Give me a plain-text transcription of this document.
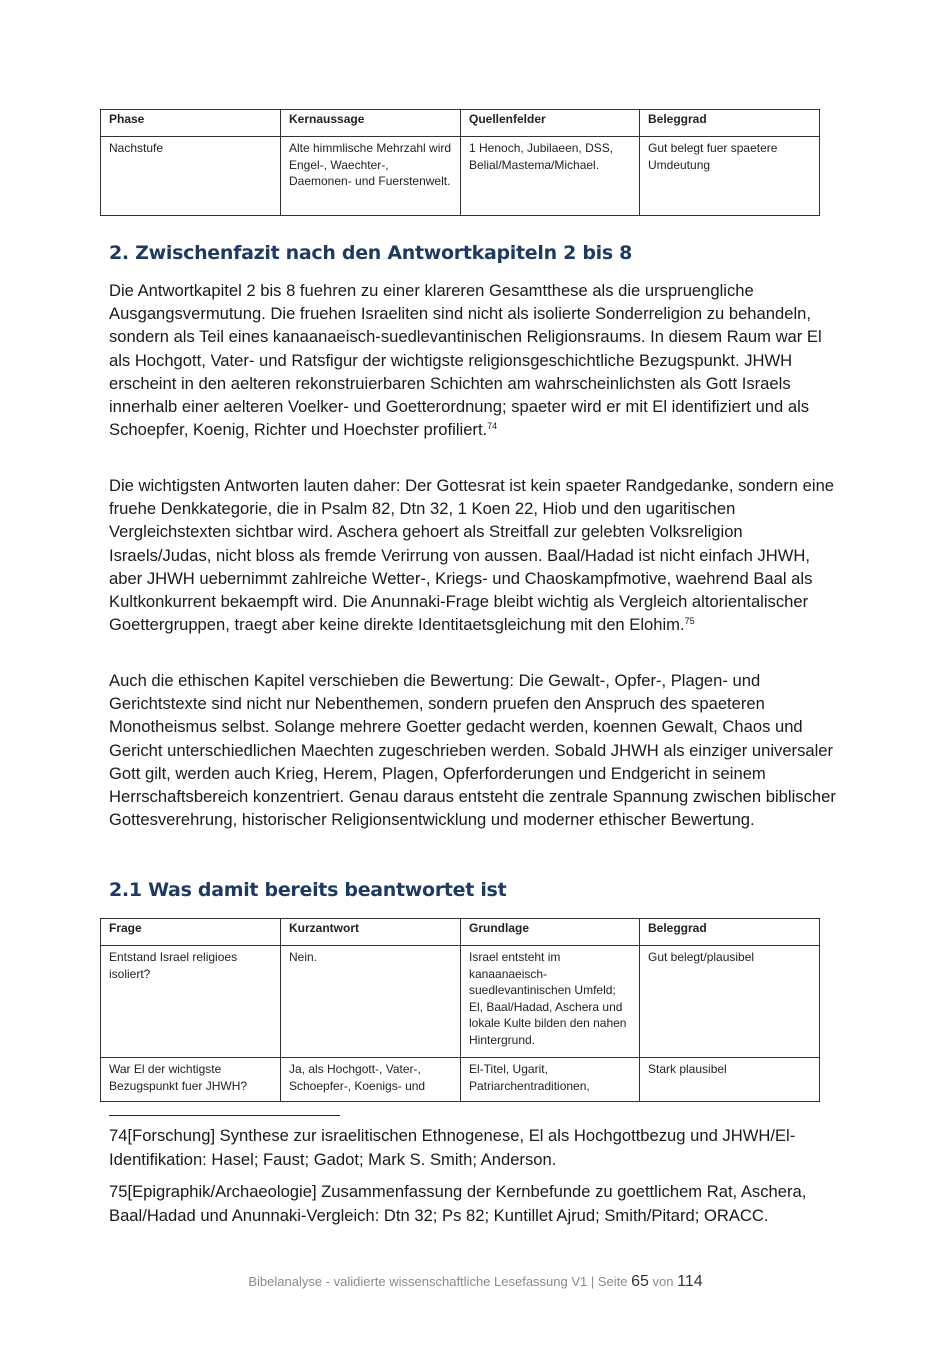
Phase	Kernaussage	Quellenfelder	Beleggrad
Nachstufe	Alte himmlische Mehrzahl wird Engel-, Waechter-, Daemonen- und Fuerstenwelt.	1 Henoch, Jubilaeen, DSS, Belial/Mastema/Michael.	Gut belegt fuer spaetere Umdeutung
2. Zwischenfazit nach den Antwortkapiteln 2 bis 8

Die Antwortkapitel 2 bis 8 fuehren zu einer klareren Gesamtthese als die urspruengliche Ausgangsvermutung. Die fruehen Israeliten sind nicht als isolierte Sonderreligion zu behandeln, sondern als Teil eines kanaanaeisch-suedlevantinischen Religionsraums. In diesem Raum war El als Hochgott, Vater- und Ratsfigur der wichtigste religionsgeschichtliche Bezugspunkt. JHWH erscheint in den aelteren rekonstruierbaren Schichten am wahrscheinlichsten als Gott Israels innerhalb einer aelteren Voelker- und Goetterordnung; spaeter wird er mit El identifiziert und als Schoepfer, Koenig, Richter und Hoechster profiliert.$^{74}$

Die wichtigsten Antworten lauten daher: Der Gottesrat ist kein spaeter Randgedanke, sondern eine fruehe Denkkategorie, die in Psalm 82, Dtn 32, 1 Koen 22, Hiob und den ugaritischen Vergleichstexten sichtbar wird. Aschera gehoert als Streitfall zur gelebten Volksreligion Israels/Judas, nicht bloss als fremde Verirrung von aussen. Baal/Hadad ist nicht einfach JHWH, aber JHWH uebernimmt zahlreiche Wetter-, Kriegs- und Chaoskampfmotive, waehrend Baal als Kultkonkurrent bekaempft wird. Die Anunnaki-Frage bleibt wichtig als Vergleich altorientalischer Goettergruppen, traegt aber keine direkte Identitaetsgleichung mit den Elohim.$^{75}$

Auch die ethischen Kapitel verschieben die Bewertung: Die Gewalt-, Opfer-, Plagen- und Gerichtstexte sind nicht nur Nebenthemen, sondern pruefen den Anspruch des spaeteren Monotheismus selbst. Solange mehrere Goetter gedacht werden, koennen Gewalt, Chaos und Gericht unterschiedlichen Maechten zugeschrieben werden. Sobald JHWH als einziger universaler Gott gilt, werden auch Krieg, Herem, Plagen, Opferforderungen und Endgericht in seinem Herrschaftsbereich konzentriert. Genau daraus entsteht die zentrale Spannung zwischen biblischer Gottesverehrung, historischer Religionsentwicklung und moderner ethischer Bewertung.

2.1 Was damit bereits beantwortet ist
Frage	Kurzantwort	Grundlage	Beleggrad
Entstand Israel religioes isoliert?	Nein.	Israel entsteht im kanaanaeisch-suedlevantinischen Umfeld; El, Baal/Hadad, Aschera und lokale Kulte bilden den nahen Hintergrund.	Gut belegt/plausibel
War El der wichtigste Bezugspunkt fuer JHWH?	Ja, als Hochgott-, Vater-, Schoepfer-, Koenigs- und	El-Titel, Ugarit, Patriarchentraditionen,	Stark plausibel

74[Forschung] Synthese zur israelitischen Ethnogenese, El als Hochgottbezug und JHWH/El-Identifikation: Hasel; Faust; Gadot; Mark S. Smith; Anderson.

75[Epigraphik/Archaeologie] Zusammenfassung der Kernbefunde zu goettlichem Rat, Aschera, Baal/Hadad und Anunnaki-Vergleich: Dtn 32; Ps 82; Kuntillet Ajrud; Smith/Pitard; ORACC.

Bibelanalyse - validierte wissenschaftliche Lesefassung V1 | Seite 65 von 114
